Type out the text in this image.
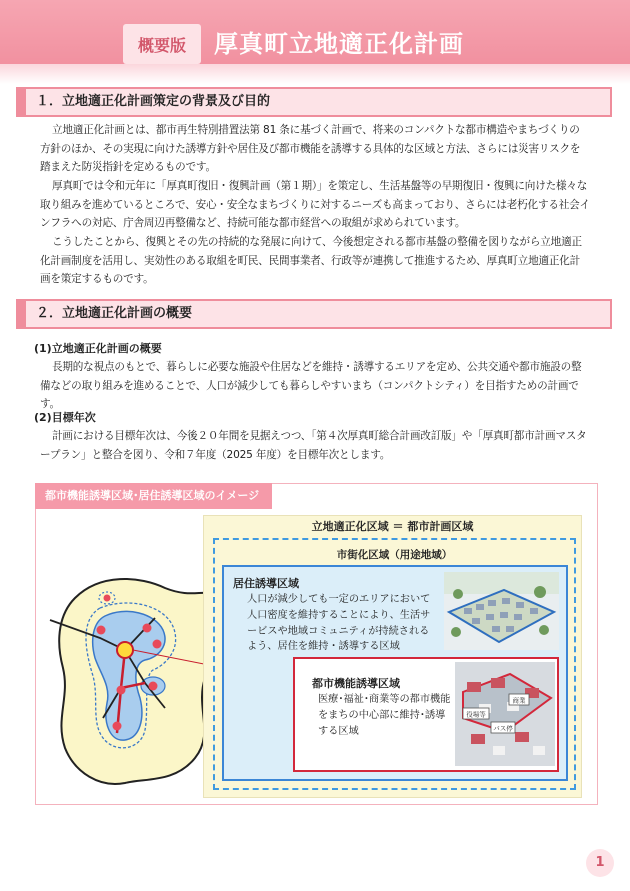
概要版	厚真町立地適正化計画
１．立地適正化計画策定の背景及び目的

立地適正化計画とは、都市再生特別措置法第 81 条に基づく計画で、将来のコンパクトな都市構造やまちづくりの方針のほか、その実現に向けた誘導方針や居住及び都市機能を誘導する具体的な区域と方法、さらには災害リスクを踏まえた防災指針を定めるものです。

厚真町では令和元年に「厚真町復旧・復興計画（第１期）」を策定し、生活基盤等の早期復旧・復興に向けた様々な取り組みを進めているところで、安心・安全なまちづくりに対するニーズも高まっており、さらには老朽化する社会インフラへの対応、庁舎周辺再整備など、持続可能な都市経営への取組が求められています。

こうしたことから、復興とその先の持続的な発展に向けて、今後想定される都市基盤の整備を図りながら立地適正化計画制度を活用し、実効性のある取組を町民、民間事業者、行政等が連携して推進するため、厚真町立地適正化計画を策定するものです。

２．立地適正化計画の概要
(1)立地適正化計画の概要

長期的な視点のもとで、暮らしに必要な施設や住居などを維持・誘導するエリアを定め、公共交通や都市施設の整備などの取り組みを進めることで、人口が減少しても暮らしやすいまち（コンパクトシティ）を目指すための計画です。

(2)目標年次

計画における目標年次は、今後２０年間を見据えつつ、「第４次厚真町総合計画改訂版」や「厚真町都市計画マスタープラン」と整合を図り、令和７年度（2025 年度）を目標年次とします。

都市機能誘導区域･居住誘導区域のイメージ
立地適正化区域 ＝ 都市計画区域
市街化区域（用途地域）
居住誘導区域
人口が減少しても一定のエリアにおいて人口密度を維持することにより、生活サービスや地域コミュニティが持続されるよう、居住を維持・誘導する区域
都市機能誘導区域
医療･福祉･商業等の都市機能をまちの中心部に維持･誘導する区域
役場等
商業
バス停
1
